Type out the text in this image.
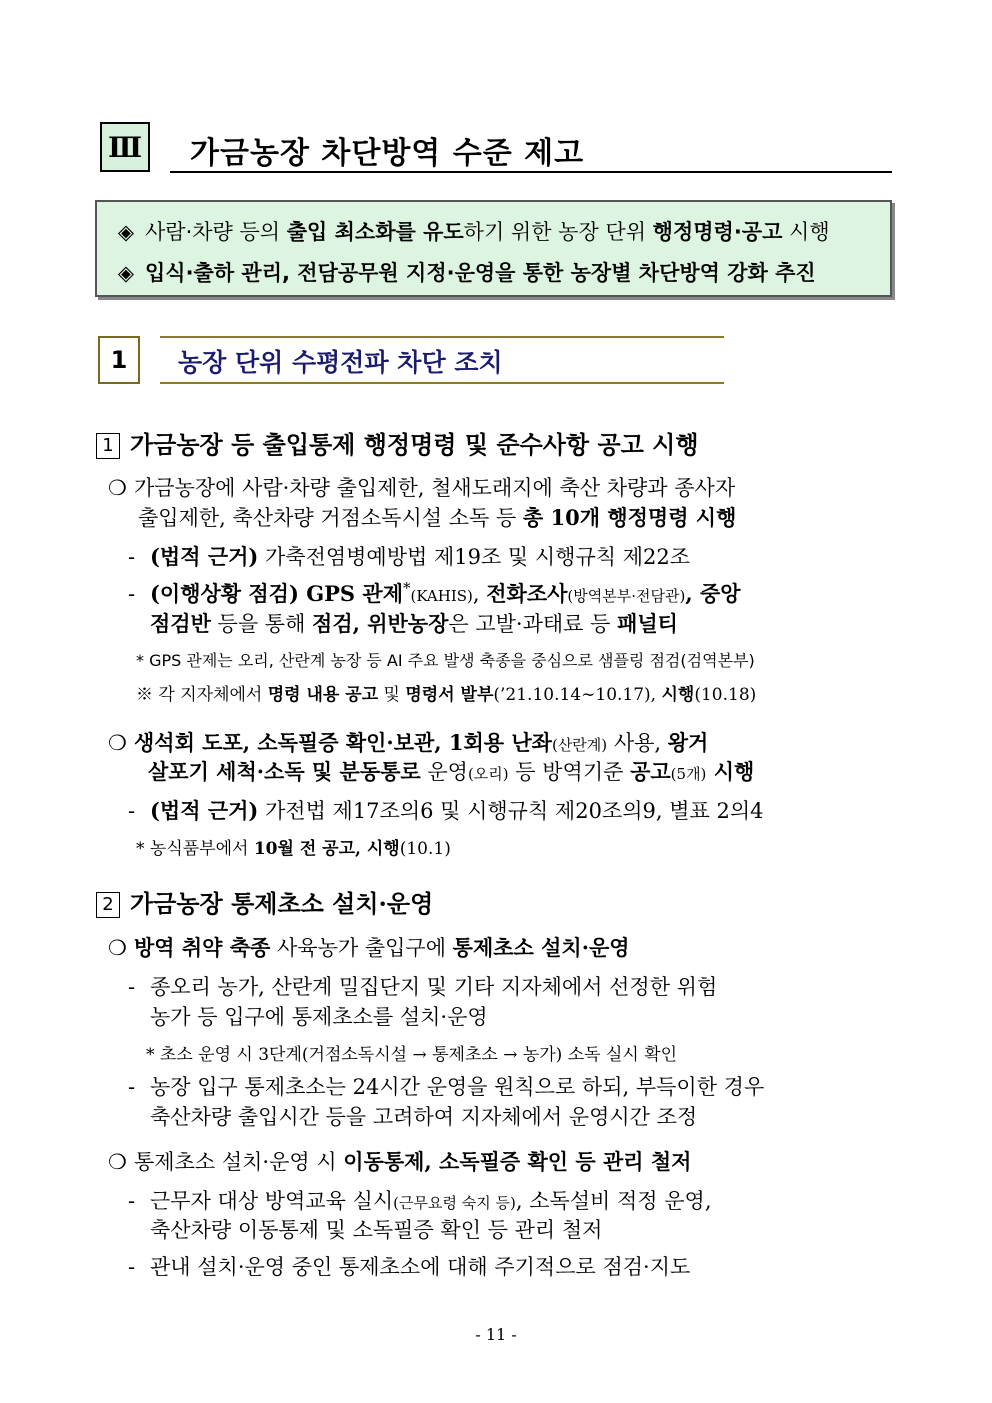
Ⅲ 가금농장 차단방역 수준 제고
◈ 사람·차량 등의 출입 최소화를 유도하기 위한 농장 단위 행정명령·공고 시행
◈ 입식·출하 관리, 전담공무원 지정·운영을 통한 농장별 차단방역 강화 추진
1	농장 단위 수평전파 차단 조치
1 가금농장 등 출입통제 행정명령 및 준수사항 공고 시행
❍ 가금농장에 사람·차량 출입제한, 철새도래지에 축산 차량과 종사자
출입제한, 축산차량 거점소독시설 소독 등 총 10개 행정명령 시행
- (법적 근거) 가축전염병예방법 제19조 및 시행규칙 제22조
- (이행상황 점검) GPS 관제*(KAHIS), 전화조사(방역본부·전담관), 중앙
점검반 등을 통해 점검, 위반농장은 고발·과태료 등 패널티
* GPS 관제는 오리, 산란계 농장 등 AI 주요 발생 축종을 중심으로 샘플링 점검(검역본부)
※ 각 지자체에서 명령 내용 공고 및 명령서 발부(’21.10.14∼10.17), 시행(10.18)
❍ 생석회 도포, 소독필증 확인·보관, 1회용 난좌(산란계) 사용, 왕거
살포기 세척·소독 및 분동통로 운영(오리) 등 방역기준 공고(5개) 시행
- (법적 근거) 가전법 제17조의6 및 시행규칙 제20조의9, 별표 2의4
* 농식품부에서 10월 전 공고, 시행(10.1)
2 가금농장 통제초소 설치·운영
❍ 방역 취약 축종 사육농가 출입구에 통제초소 설치·운영
- 종오리 농가, 산란계 밀집단지 및 기타 지자체에서 선정한 위험
농가 등 입구에 통제초소를 설치·운영
* 초소 운영 시 3단계(거점소독시설 → 통제초소 → 농가) 소독 실시 확인
- 농장 입구 통제초소는 24시간 운영을 원칙으로 하되, 부득이한 경우
축산차량 출입시간 등을 고려하여 지자체에서 운영시간 조정
❍ 통제초소 설치·운영 시 이동통제, 소독필증 확인 등 관리 철저
- 근무자 대상 방역교육 실시(근무요령 숙지 등), 소독설비 적정 운영,
축산차량 이동통제 및 소독필증 확인 등 관리 철저
- 관내 설치·운영 중인 통제초소에 대해 주기적으로 점검·지도
- 11 -
